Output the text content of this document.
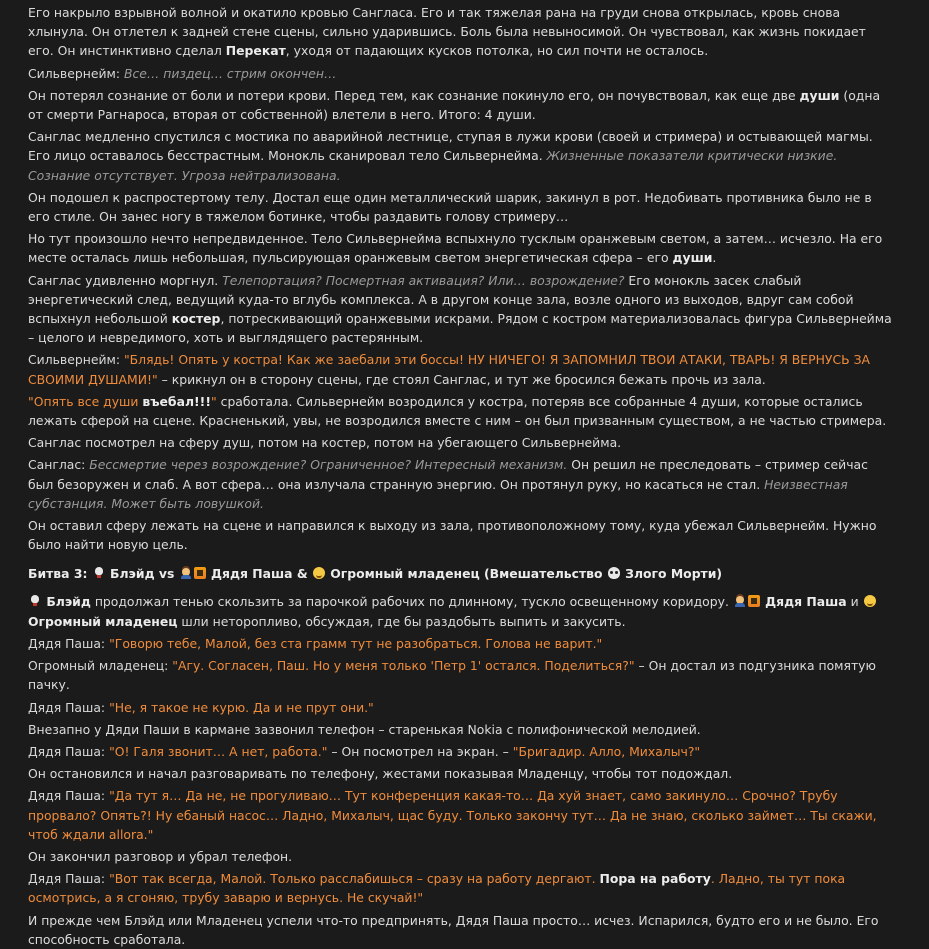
Его накрыло взрывной волной и окатило кровью Сангласа. Его и так тяжелая рана на груди снова открылась, кровь снова хлынула. Он отлетел к задней стене сцены, сильно ударившись. Боль была невыносимой. Он чувствовал, как жизнь покидает его. Он инстинктивно сделал Перекат, уходя от падающих кусков потолка, но сил почти не осталось.
Сильвернейм: Все… пиздец… стрим окончен…
Он потерял сознание от боли и потери крови. Перед тем, как сознание покинуло его, он почувствовал, как еще две души (одна от смерти Рагнароса, вторая от собственной) влетели в него. Итого: 4 души.
Санглас медленно спустился с мостика по аварийной лестнице, ступая в лужи крови (своей и стримера) и остывающей магмы. Его лицо оставалось бесстрастным. Монокль сканировал тело Сильвернейма. Жизненные показатели критически низкие. Сознание отсутствует. Угроза нейтрализована.
Он подошел к распростертому телу. Достал еще один металлический шарик, закинул в рот. Недобивать противника было не в его стиле. Он занес ногу в тяжелом ботинке, чтобы раздавить голову стримеру…
Но тут произошло нечто непредвиденное. Тело Сильвернейма вспыхнуло тусклым оранжевым светом, а затем… исчезло. На его месте осталась лишь небольшая, пульсирующая оранжевым светом энергетическая сфера – его души.
Санглас удивленно моргнул. Телепортация? Посмертная активация? Или… возрождение? Его монокль засек слабый энергетический след, ведущий куда-то вглубь комплекса. А в другом конце зала, возле одного из выходов, вдруг сам собой вспыхнул небольшой костер, потрескивающий оранжевыми искрами. Рядом с костром материализовалась фигура Сильвернейма – целого и невредимого, хоть и выглядящего растерянным.
Сильвернейм: "Блядь! Опять у костра! Как же заебали эти боссы! НУ НИЧЕГО! Я ЗАПОМНИЛ ТВОИ АТАКИ, ТВАРЬ! Я ВЕРНУСЬ ЗА СВОИМИ ДУШАМИ!" – крикнул он в сторону сцены, где стоял Санглас, и тут же бросился бежать прочь из зала.
"Опять все души въебал!!!" сработала. Сильвернейм возродился у костра, потеряв все собранные 4 души, которые остались лежать сферой на сцене. Красненький, увы, не возродился вместе с ним – он был призванным существом, а не частью стримера.
Санглас посмотрел на сферу душ, потом на костер, потом на убегающего Сильвернейма.
Санглас: Бессмертие через возрождение? Ограниченное? Интересный механизм. Он решил не преследовать – стример сейчас был безоружен и слаб. А вот сфера… она излучала странную энергию. Он протянул руку, но касаться не стал. Неизвестная субстанция. Может быть ловушкой.
Он оставил сферу лежать на сцене и направился к выходу из зала, противоположному тому, куда убежал Сильвернейм. Нужно было найти новую цель.
Битва 3:  Блэйд vs  Дядя Паша &  Огромный младенец (Вмешательство  Злого Морти)
Блэйд продолжал тенью скользить за парочкой рабочих по длинному, тускло освещенному коридору.  Дядя Паша и  Огромный младенец шли неторопливо, обсуждая, где бы раздобыть выпить и закусить.
Дядя Паша: "Говорю тебе, Малой, без ста грамм тут не разобраться. Голова не варит."
Огромный младенец: "Агу. Согласен, Паш. Но у меня только 'Петр 1' остался. Поделиться?" – Он достал из подгузника помятую пачку.
Дядя Паша: "Не, я такое не курю. Да и не прут они."
Внезапно у Дяди Паши в кармане зазвонил телефон – старенькая Nokia с полифонической мелодией.
Дядя Паша: "О! Галя звонит… А нет, работа." – Он посмотрел на экран. – "Бригадир. Алло, Михалыч?"
Он остановился и начал разговаривать по телефону, жестами показывая Младенцу, чтобы тот подождал.
Дядя Паша: "Да тут я… Да не, не прогуливаю… Тут конференция какая-то… Да хуй знает, само закинуло… Срочно? Трубу прорвало? Опять?! Ну ебаный насос… Ладно, Михалыч, щас буду. Только закончу тут… Да не знаю, сколько займет… Ты скажи, чтоб ждали allora."
Он закончил разговор и убрал телефон.
Дядя Паша: "Вот так всегда, Малой. Только расслабишься – сразу на работу дергают. Пора на работу. Ладно, ты тут пока осмотрись, а я сгоняю, трубу заварю и вернусь. Не скучай!"
И прежде чем Блэйд или Младенец успели что-то предпринять, Дядя Паша просто… исчез. Испарился, будто его и не было. Его способность сработала.
